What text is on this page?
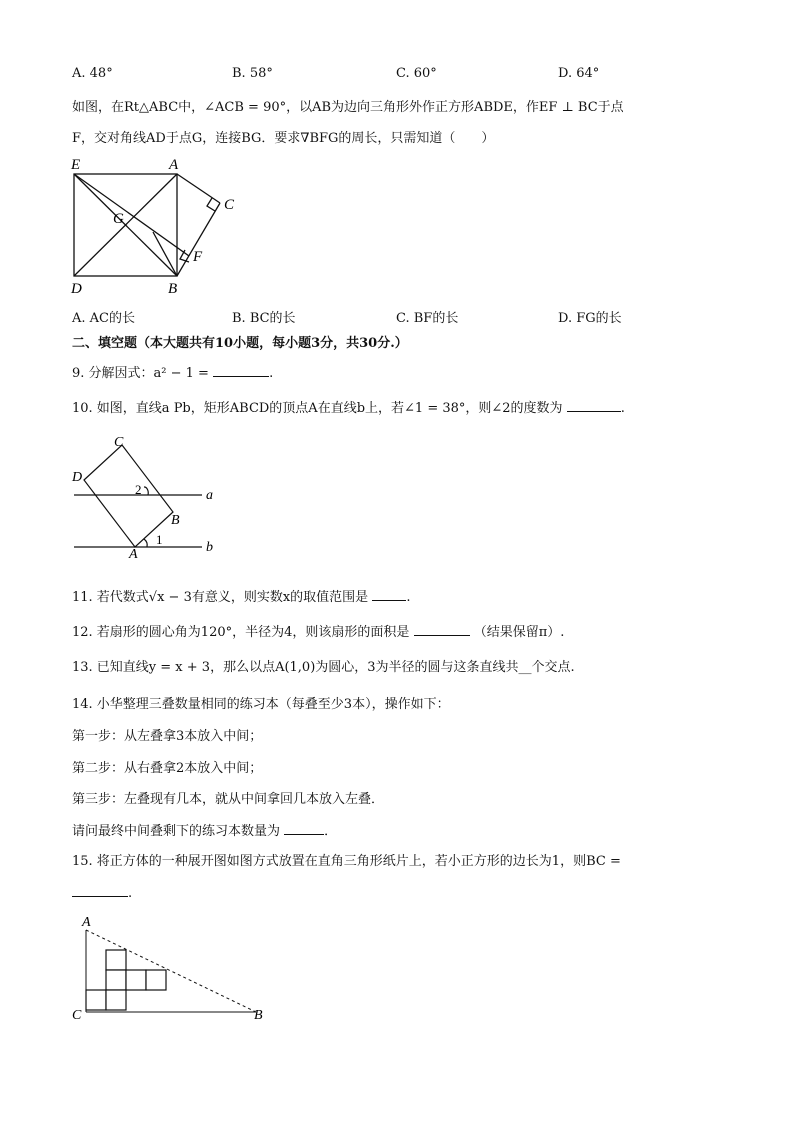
A. 48°	B. 58°	C. 60°	D. 64°
如图，在Rt△ABC中，∠ACB = 90°，以AB为边向三角形外作正方形ABDE，作EF ⊥ BC于点
F，交对角线AD于点G，连接BG．要求∇BFG的周长，只需知道（　　）
E	A
C
G
F
D	B
A. AC的长	B. BC的长	C. BF的长	D. FG的长
二、填空题（本大题共有10小题，每小题3分，共30分.）
9. 分解因式：a² − 1 =	.
10. 如图，直线a Pb，矩形ABCD的顶点A在直线b上，若∠1 = 38°，则∠2的度数为	.
C
D
2	a
B
1
A	b
11. 若代数式√x − 3有意义，则实数x的取值范围是	.
12. 若扇形的圆心角为120°，半径为4，则该扇形的面积是	（结果保留π）.
13. 已知直线y = x + 3，那么以点A(1,0)为圆心，3为半径的圆与这条直线共__个交点.
14. 小华整理三叠数量相同的练习本（每叠至少3本），操作如下：
第一步：从左叠拿3本放入中间；
第二步：从右叠拿2本放入中间；
第三步：左叠现有几本，就从中间拿回几本放入左叠．
请问最终中间叠剩下的练习本数量为	．
15. 将正方体的一种展开图如图方式放置在直角三角形纸片上，若小正方形的边长为1，则BC =
.
A
C	B
